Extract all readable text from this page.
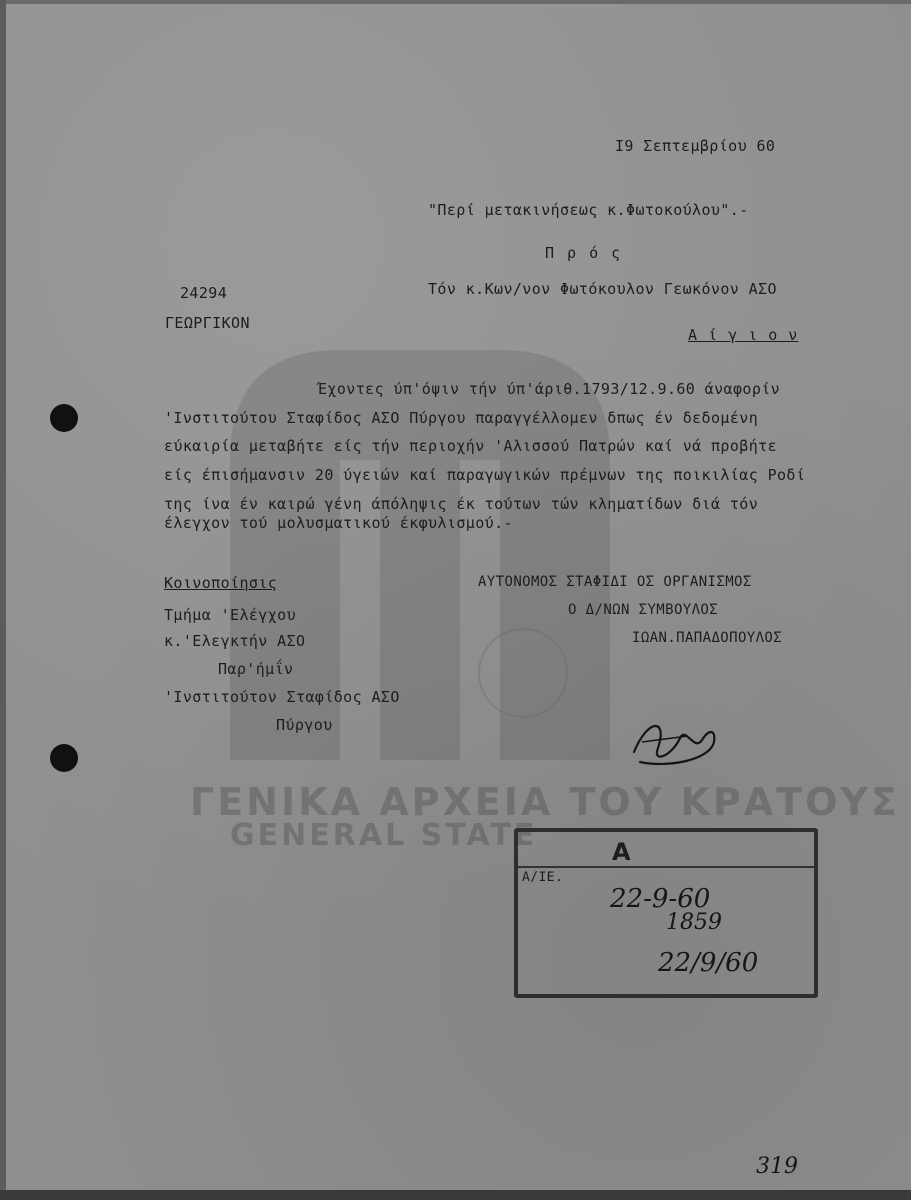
ΓΕΝΙΚΑ ΑΡΧΕΙΑ ΤΟΥ ΚΡΑΤΟΥΣ
GENERAL STATE
Ι9 Σεπτεμβρίου 60
"Περί μετακινήσεως κ.Φωτοκούλου".-
Π ρ ό ς
Τόν κ.Κων/νον Φωτόκουλον Γεωκόνον ΑΣΟ
24294
ΓΕΩΡΓΙΚΟΝ
Α ί γ ι ο ν
Έχοντες ύπ'όψιν τήν ύπ'άριθ.1793/12.9.60 άναφορίν
'Ινστιτούτου Σταφίδος ΑΣΟ Πύργου παραγγέλλομεν δπως έν δεδομένη
εύκαιρία μεταβήτε είς τήν περιοχήν 'Αλισσού Πατρών καί νά προβήτε
είς έπισήμανσιν 20 ύγειών καί παραγωγικών πρέμνων της ποικιλίας Ροδί
της ίνα έν καιρώ γένη άπόληψις έκ τούτων τών κληματίδων διά τόν
έλεγχον τού μολυσματικού έκφυλισμού.-
Κοινοποίησις
Τμήμα 'Ελέγχου
κ.'Ελεγκτήν ΑΣΟ
Παρ'ήμΐν
'Ινστιτούτον Σταφίδος ΑΣΟ
Πύργου
ΑΥΤΟΝΟΜΟΣ ΣΤΑΦΙΔΙ ΟΣ ΟΡΓΑΝΙΣΜΟΣ
Ο Δ/ΝΩΝ ΣΥΜΒΟΥΛΟΣ
ΙΩΑΝ.ΠΑΠΑΔΟΠΟΥΛΟΣ
A
Α/ΙΕ.
22-9-60
1859
22/9/60
319
